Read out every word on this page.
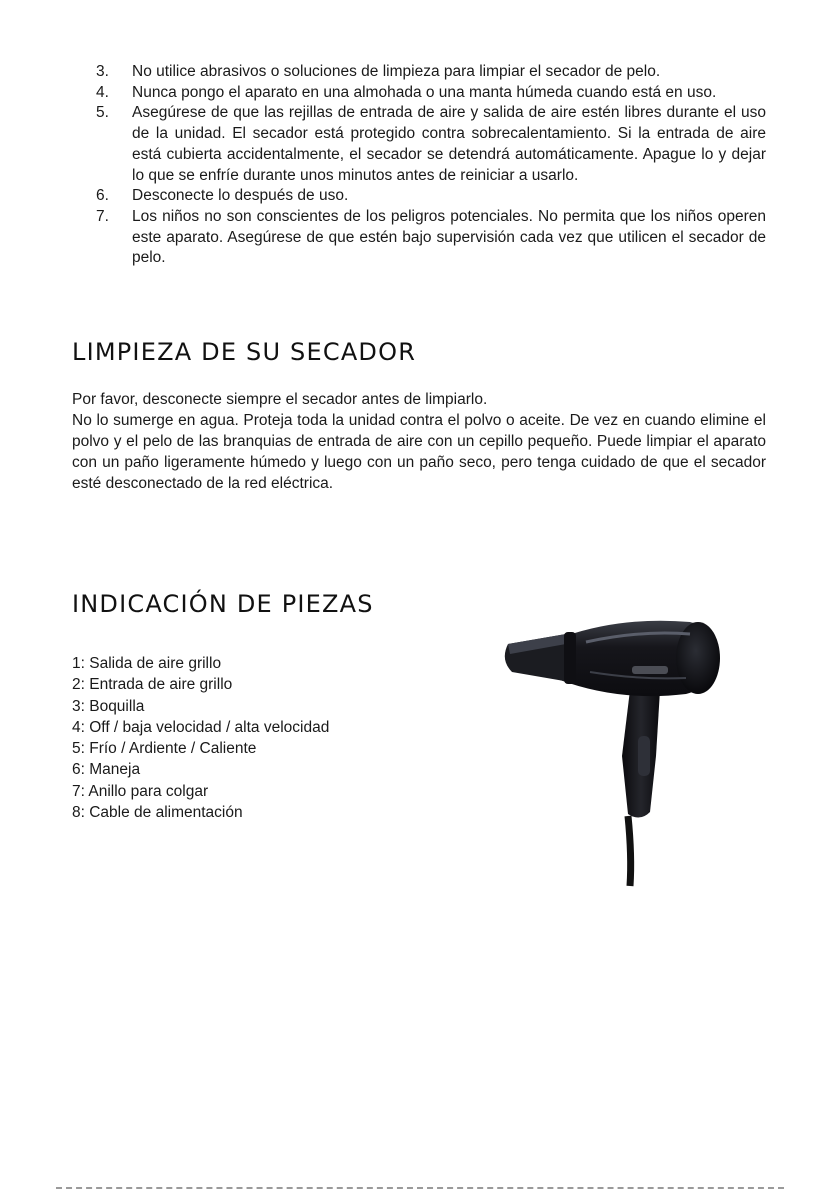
3. No utilice abrasivos o soluciones de limpieza para limpiar el secador de pelo.
4. Nunca pongo el aparato en una almohada o una manta húmeda cuando está en uso.
5. Asegúrese de que las rejillas de entrada de aire y salida de aire estén libres durante el uso de la unidad. El secador está protegido contra sobrecalentamiento. Si la entrada de aire está cubierta accidentalmente, el secador se detendrá automáticamente. Apague lo y dejar lo que se enfríe durante unos minutos antes de reiniciar a usarlo.
6. Desconecte lo después de uso.
7. Los niños no son conscientes de los peligros potenciales. No permita que los niños operen este aparato. Asegúrese de que estén bajo supervisión cada vez que utilicen el secador de pelo.
LIMPIEZA DE SU SECADOR

Por favor, desconecte siempre el secador antes de limpiarlo.

No lo sumerge en agua. Proteja toda la unidad contra el polvo o aceite. De vez en cuando elimine el polvo y el pelo de las branquias de entrada de aire con un cepillo pequeño. Puede limpiar el aparato con un paño ligeramente húmedo y luego con un paño seco, pero tenga cuidado de que el secador esté desconectado de la red eléctrica.

INDICACIÓN DE PIEZAS
1: Salida de aire grillo
2: Entrada de aire grillo
3: Boquilla
4: Off / baja velocidad / alta velocidad
5: Frío / Ardiente / Caliente
6: Maneja
7: Anillo para colgar
8: Cable de alimentación
